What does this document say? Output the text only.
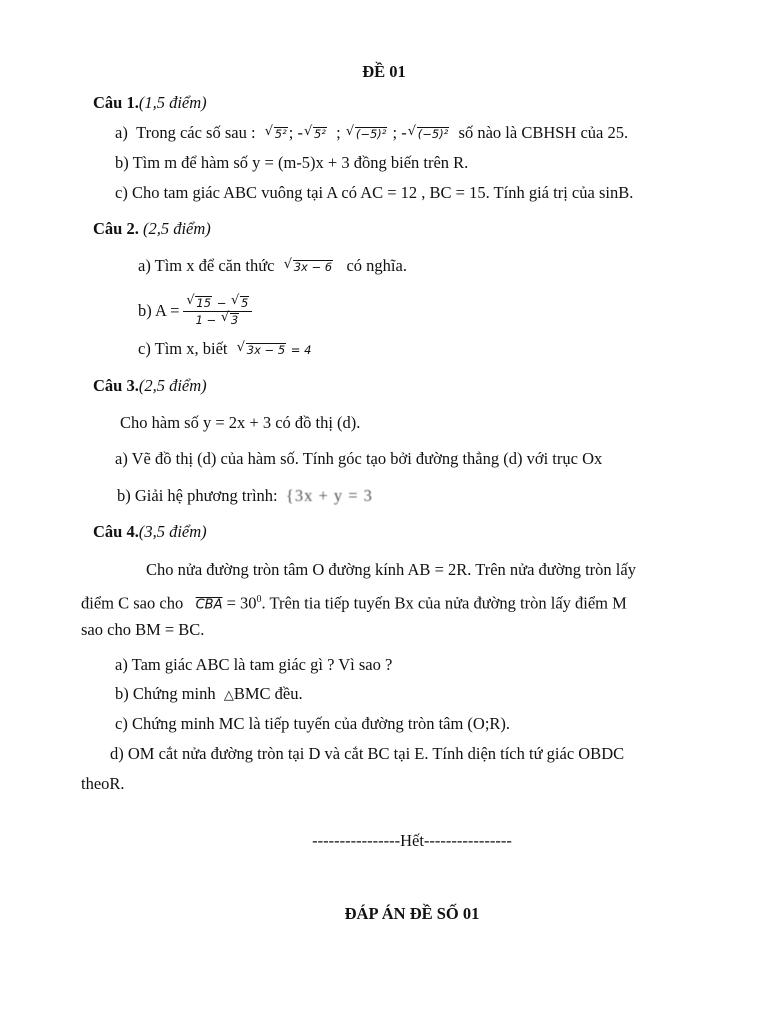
ĐỀ 01
Câu 1.(1,5 điểm)
a) Trong các số sau : √ 5² ; - √ 5² ; √ (−5)² ; - √ (−5)² số nào là CBHSH của 25.
b) Tìm m để hàm số y = (m-5)x + 3 đồng biến trên R.
c) Cho tam giác ABC vuông tại A có AC = 12 , BC = 15. Tính giá trị của sinB.
Câu 2. (2,5 điểm)
a) Tìm x để căn thức √ 3x − 6 có nghĩa.
b) A = √ $\frac{15 - √ 5}{1 - √ 3}$
c) Tìm x, biết √ 3x − 5 = 4
Câu 3.(2,5 điểm)
Cho hàm số y = 2x + 3 có đồ thị (d).
a) Vẽ đồ thị (d) của hàm số. Tính góc tạo bởi đường thẳng (d) với trục Ox
b) Giải hệ phương trình: {3x + y = 3
Câu 4.(3,5 điểm)
Cho nửa đường tròn tâm O đường kính AB = 2R. Trên nửa đường tròn lấy
điểm C sao cho $\overline{CBA} = 30^0$. Trên tia tiếp tuyến Bx của nửa đường tròn lấy điểm M
sao cho BM = BC.
a) Tam giác ABC là tam giác gì ? Vì sao ?
b) Chứng minh △BMC đều.
c) Chứng minh MC là tiếp tuyến của đường tròn tâm (O;R).
d) OM cắt nửa đường tròn tại D và cắt BC tại E. Tính diện tích tứ giác OBDC
theoR.
----------------Hết----------------
ĐÁP ÁN ĐỀ SỐ 01
